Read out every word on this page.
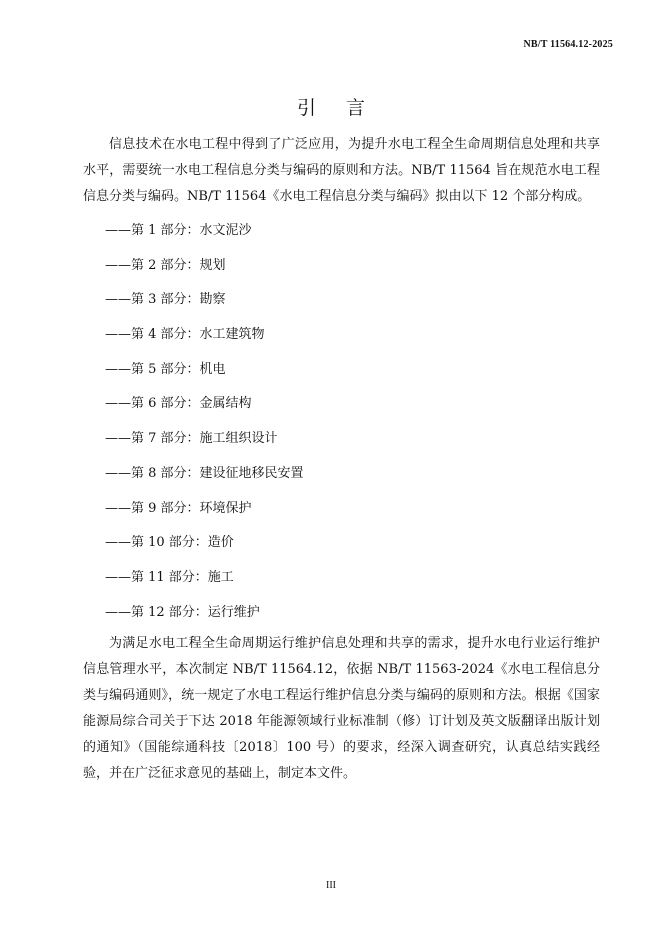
NB/T 11564.12-2025
引言

信息技术在水电工程中得到了广泛应用，为提升水电工程全生命周期信息处理和共享水平，需要统一水电工程信息分类与编码的原则和方法。NB/T 11564 旨在规范水电工程信息分类与编码。NB/T 11564《水电工程信息分类与编码》拟由以下 12 个部分构成。

——第 1 部分：水文泥沙
——第 2 部分：规划
——第 3 部分：勘察
——第 4 部分：水工建筑物
——第 5 部分：机电
——第 6 部分：金属结构
——第 7 部分：施工组织设计
——第 8 部分：建设征地移民安置
——第 9 部分：环境保护
——第 10 部分：造价
——第 11 部分：施工
——第 12 部分：运行维护

为满足水电工程全生命周期运行维护信息处理和共享的需求，提升水电行业运行维护信息管理水平，本次制定 NB/T 11564.12，依据 NB/T 11563-2024《水电工程信息分类与编码通则》，统一规定了水电工程运行维护信息分类与编码的原则和方法。根据《国家能源局综合司关于下达 2018 年能源领域行业标准制（修）订计划及英文版翻译出版计划的通知》（国能综通科技〔2018〕100 号）的要求，经深入调查研究，认真总结实践经验，并在广泛征求意见的基础上，制定本文件。

III
